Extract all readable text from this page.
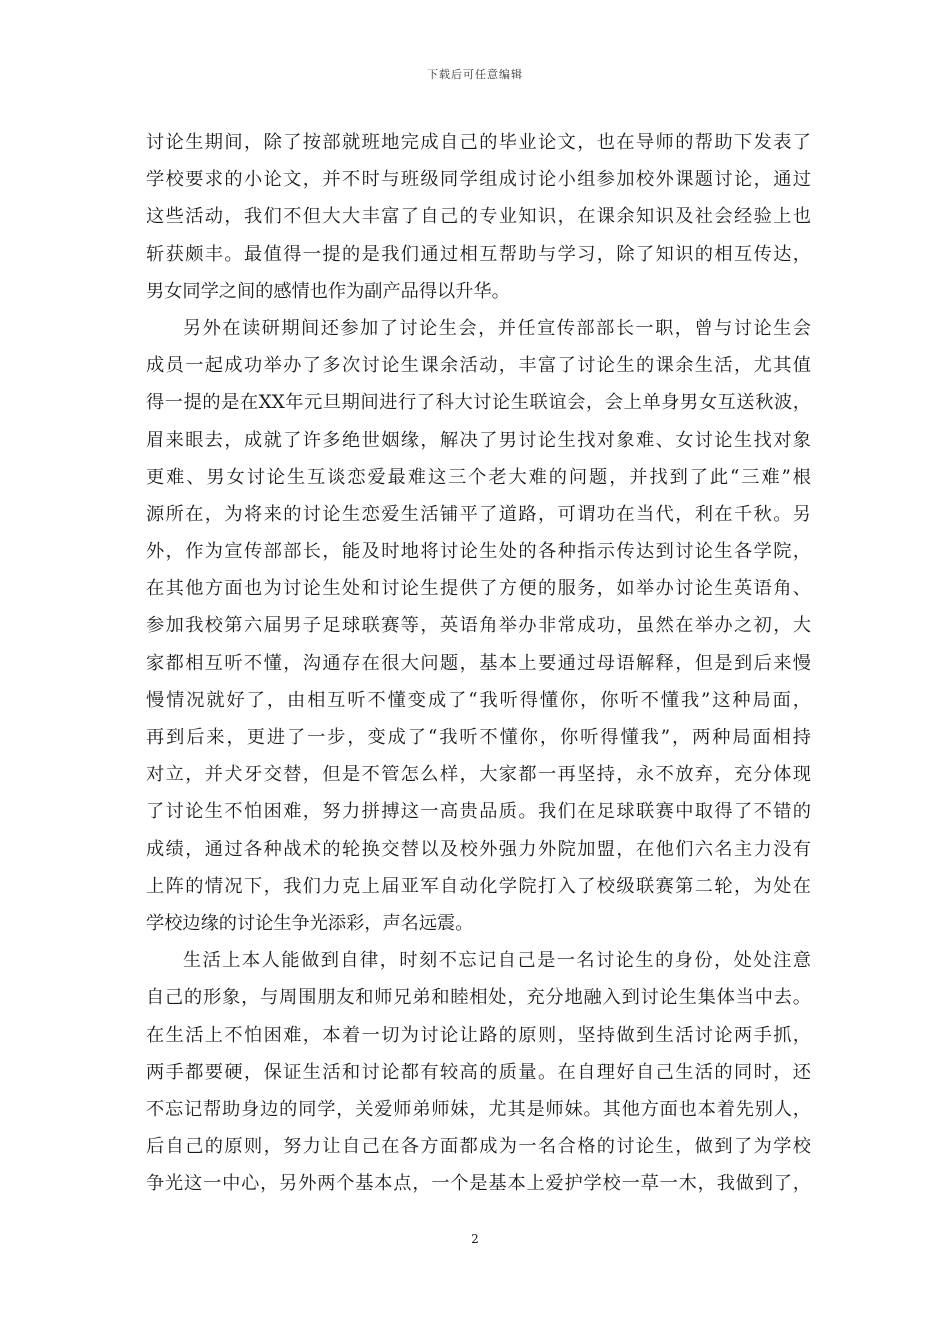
下载后可任意编辑
讨论生期间，除了按部就班地完成自己的毕业论文，也在导师的帮助下发表了
学校要求的小论文，并不时与班级同学组成讨论小组参加校外课题讨论，通过
这些活动，我们不但大大丰富了自己的专业知识，在课余知识及社会经验上也
斩获颇丰。最值得一提的是我们通过相互帮助与学习，除了知识的相互传达，
男女同学之间的感情也作为副产品得以升华。
另外在读研期间还参加了讨论生会，并任宣传部部长一职，曾与讨论生会
成员一起成功举办了多次讨论生课余活动，丰富了讨论生的课余生活，尤其值
得一提的是在XX年元旦期间进行了科大讨论生联谊会，会上单身男女互送秋波，
眉来眼去，成就了许多绝世姻缘，解决了男讨论生找对象难、女讨论生找对象
更难、男女讨论生互谈恋爱最难这三个老大难的问题，并找到了此“三难”根
源所在，为将来的讨论生恋爱生活铺平了道路，可谓功在当代，利在千秋。另
外，作为宣传部部长，能及时地将讨论生处的各种指示传达到讨论生各学院，
在其他方面也为讨论生处和讨论生提供了方便的服务，如举办讨论生英语角、
参加我校第六届男子足球联赛等，英语角举办非常成功，虽然在举办之初，大
家都相互听不懂，沟通存在很大问题，基本上要通过母语解释，但是到后来慢
慢情况就好了，由相互听不懂变成了“我听得懂你，你听不懂我”这种局面，
再到后来，更进了一步，变成了“我听不懂你，你听得懂我”，两种局面相持
对立，并犬牙交替，但是不管怎么样，大家都一再坚持，永不放弃，充分体现
了讨论生不怕困难，努力拼搏这一高贵品质。我们在足球联赛中取得了不错的
成绩，通过各种战术的轮换交替以及校外强力外院加盟，在他们六名主力没有
上阵的情况下，我们力克上届亚军自动化学院打入了校级联赛第二轮，为处在
学校边缘的讨论生争光添彩，声名远震。
生活上本人能做到自律，时刻不忘记自己是一名讨论生的身份，处处注意
自己的形象，与周围朋友和师兄弟和睦相处，充分地融入到讨论生集体当中去。
在生活上不怕困难，本着一切为讨论让路的原则，坚持做到生活讨论两手抓，
两手都要硬，保证生活和讨论都有较高的质量。在自理好自己生活的同时，还
不忘记帮助身边的同学，关爱师弟师妹，尤其是师妹。其他方面也本着先别人，
后自己的原则，努力让自己在各方面都成为一名合格的讨论生，做到了为学校
争光这一中心，另外两个基本点，一个是基本上爱护学校一草一木，我做到了，
2
